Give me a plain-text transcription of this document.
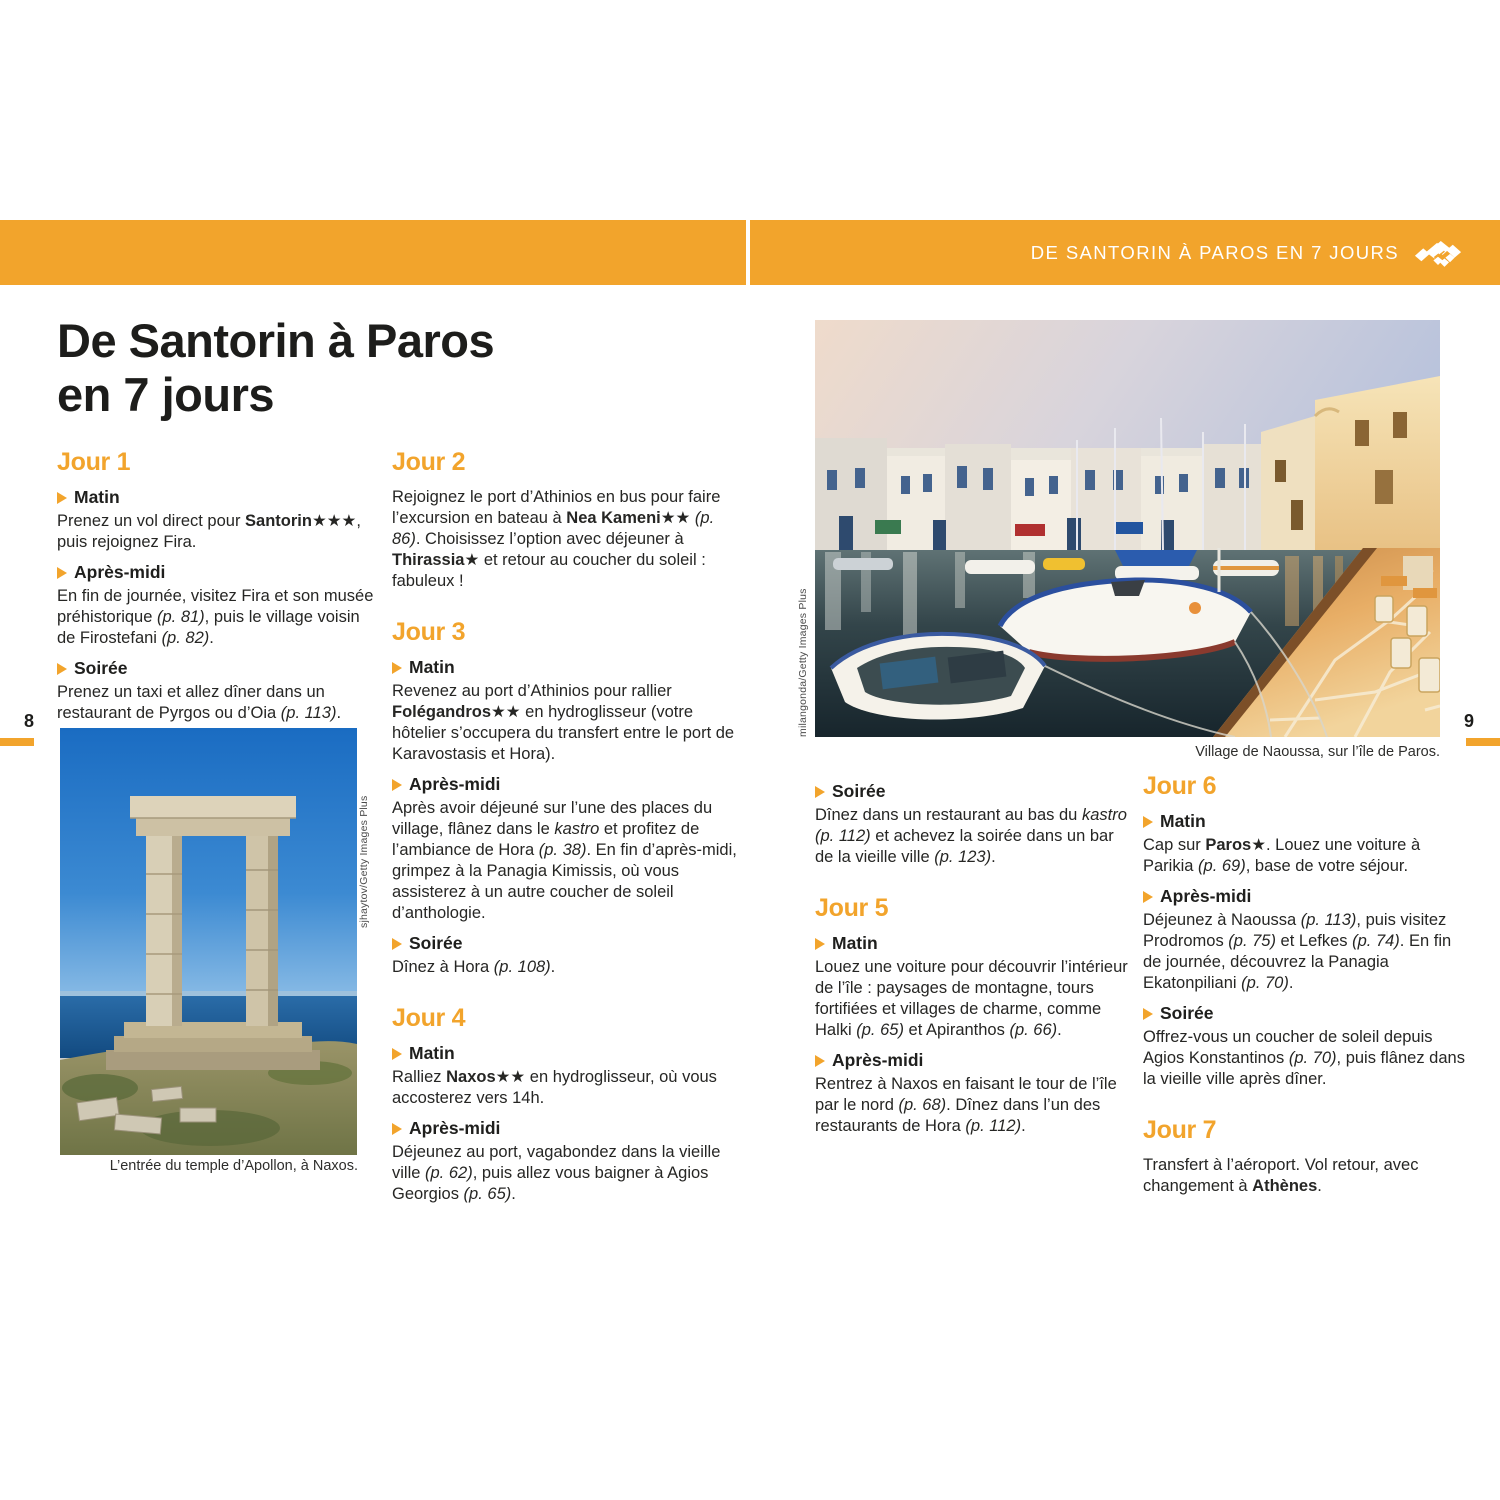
DE SANTORIN À PAROS EN 7 JOURS
8	9
De Santorin à Paros
en 7 jours
Jour 1
Matin

Prenez un vol direct pour Santorin★★★, puis rejoignez Fira.

Après-midi

En fin de journée, visitez Fira et son musée préhistorique (p. 81), puis le village voisin de Firostefani (p. 82).

Soirée

Prenez un taxi et allez dîner dans un restaurant de Pyrgos ou d’Oia (p. 113).

Jour 2

Rejoignez le port d’Athinios en bus pour faire l’excursion en bateau à Nea Kameni★★ (p. 86). Choisissez l’option avec déjeuner à Thirassia★ et retour au coucher du soleil : fabuleux !

Jour 3
Matin

Revenez au port d’Athinios pour rallier Folégandros★★ en hydroglisseur (votre hôtelier s’occupera du transfert entre le port de Karavostasis et Hora).

Après-midi

Après avoir déjeuné sur l’une des places du village, flânez dans le kastro et profitez de l’ambiance de Hora (p. 38). En fin d’après-midi, grimpez à la Panagia Kimissis, où vous assisterez à un autre coucher de soleil d’anthologie.

Soirée

Dînez à Hora (p. 108).

Jour 4
Matin

Ralliez Naxos★★ en hydroglisseur, où vous accosterez vers 14h.

Après-midi

Déjeunez au port, vagabondez dans la vieille ville (p. 62), puis allez vous baigner à Agios Georgios (p. 65).

sjhaytov/Getty Images Plus
L’entrée du temple d’Apollon, à Naxos.
milangonda/Getty Images Plus
Village de Naoussa, sur l’île de Paros.
Soirée

Dînez dans un restaurant au bas du kastro (p. 112) et achevez la soirée dans un bar de la vieille ville (p. 123).

Jour 5
Matin

Louez une voiture pour découvrir l’intérieur de l’île : paysages de montagne, tours fortifiées et villages de charme, comme Halki (p. 65) et Apiranthos (p. 66).

Après-midi

Rentrez à Naxos en faisant le tour de l’île par le nord (p. 68). Dînez dans l’un des restaurants de Hora (p. 112).

Jour 6
Matin

Cap sur Paros★. Louez une voiture à Parikia (p. 69), base de votre séjour.

Après-midi

Déjeunez à Naoussa (p. 113), puis visitez Prodromos (p. 75) et Lefkes (p. 74). En fin de journée, découvrez la Panagia Ekatonpiliani (p. 70).

Soirée

Offrez-vous un coucher de soleil depuis Agios Konstantinos (p. 70), puis flânez dans la vieille ville après dîner.

Jour 7

Transfert à l’aéroport. Vol retour, avec changement à Athènes.
